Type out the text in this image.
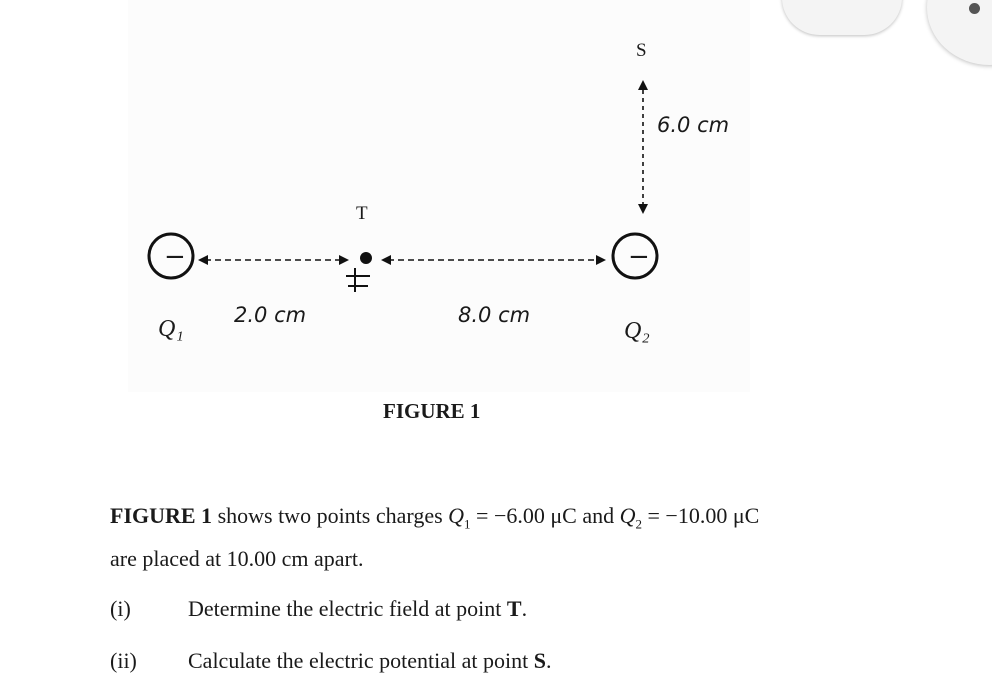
−	−
S
T
6.0 cm
2.0 cm	8.0 cm
Q₁	Q₂
FIGURE 1
FIGURE 1 shows two points charges $Q_1 = -6.00$ μC and $Q_2 = -10.00$ μC
are placed at 10.00 cm apart.
(i)	Determine the electric field at point T.
(ii) Calculate the electric potential at point S.
